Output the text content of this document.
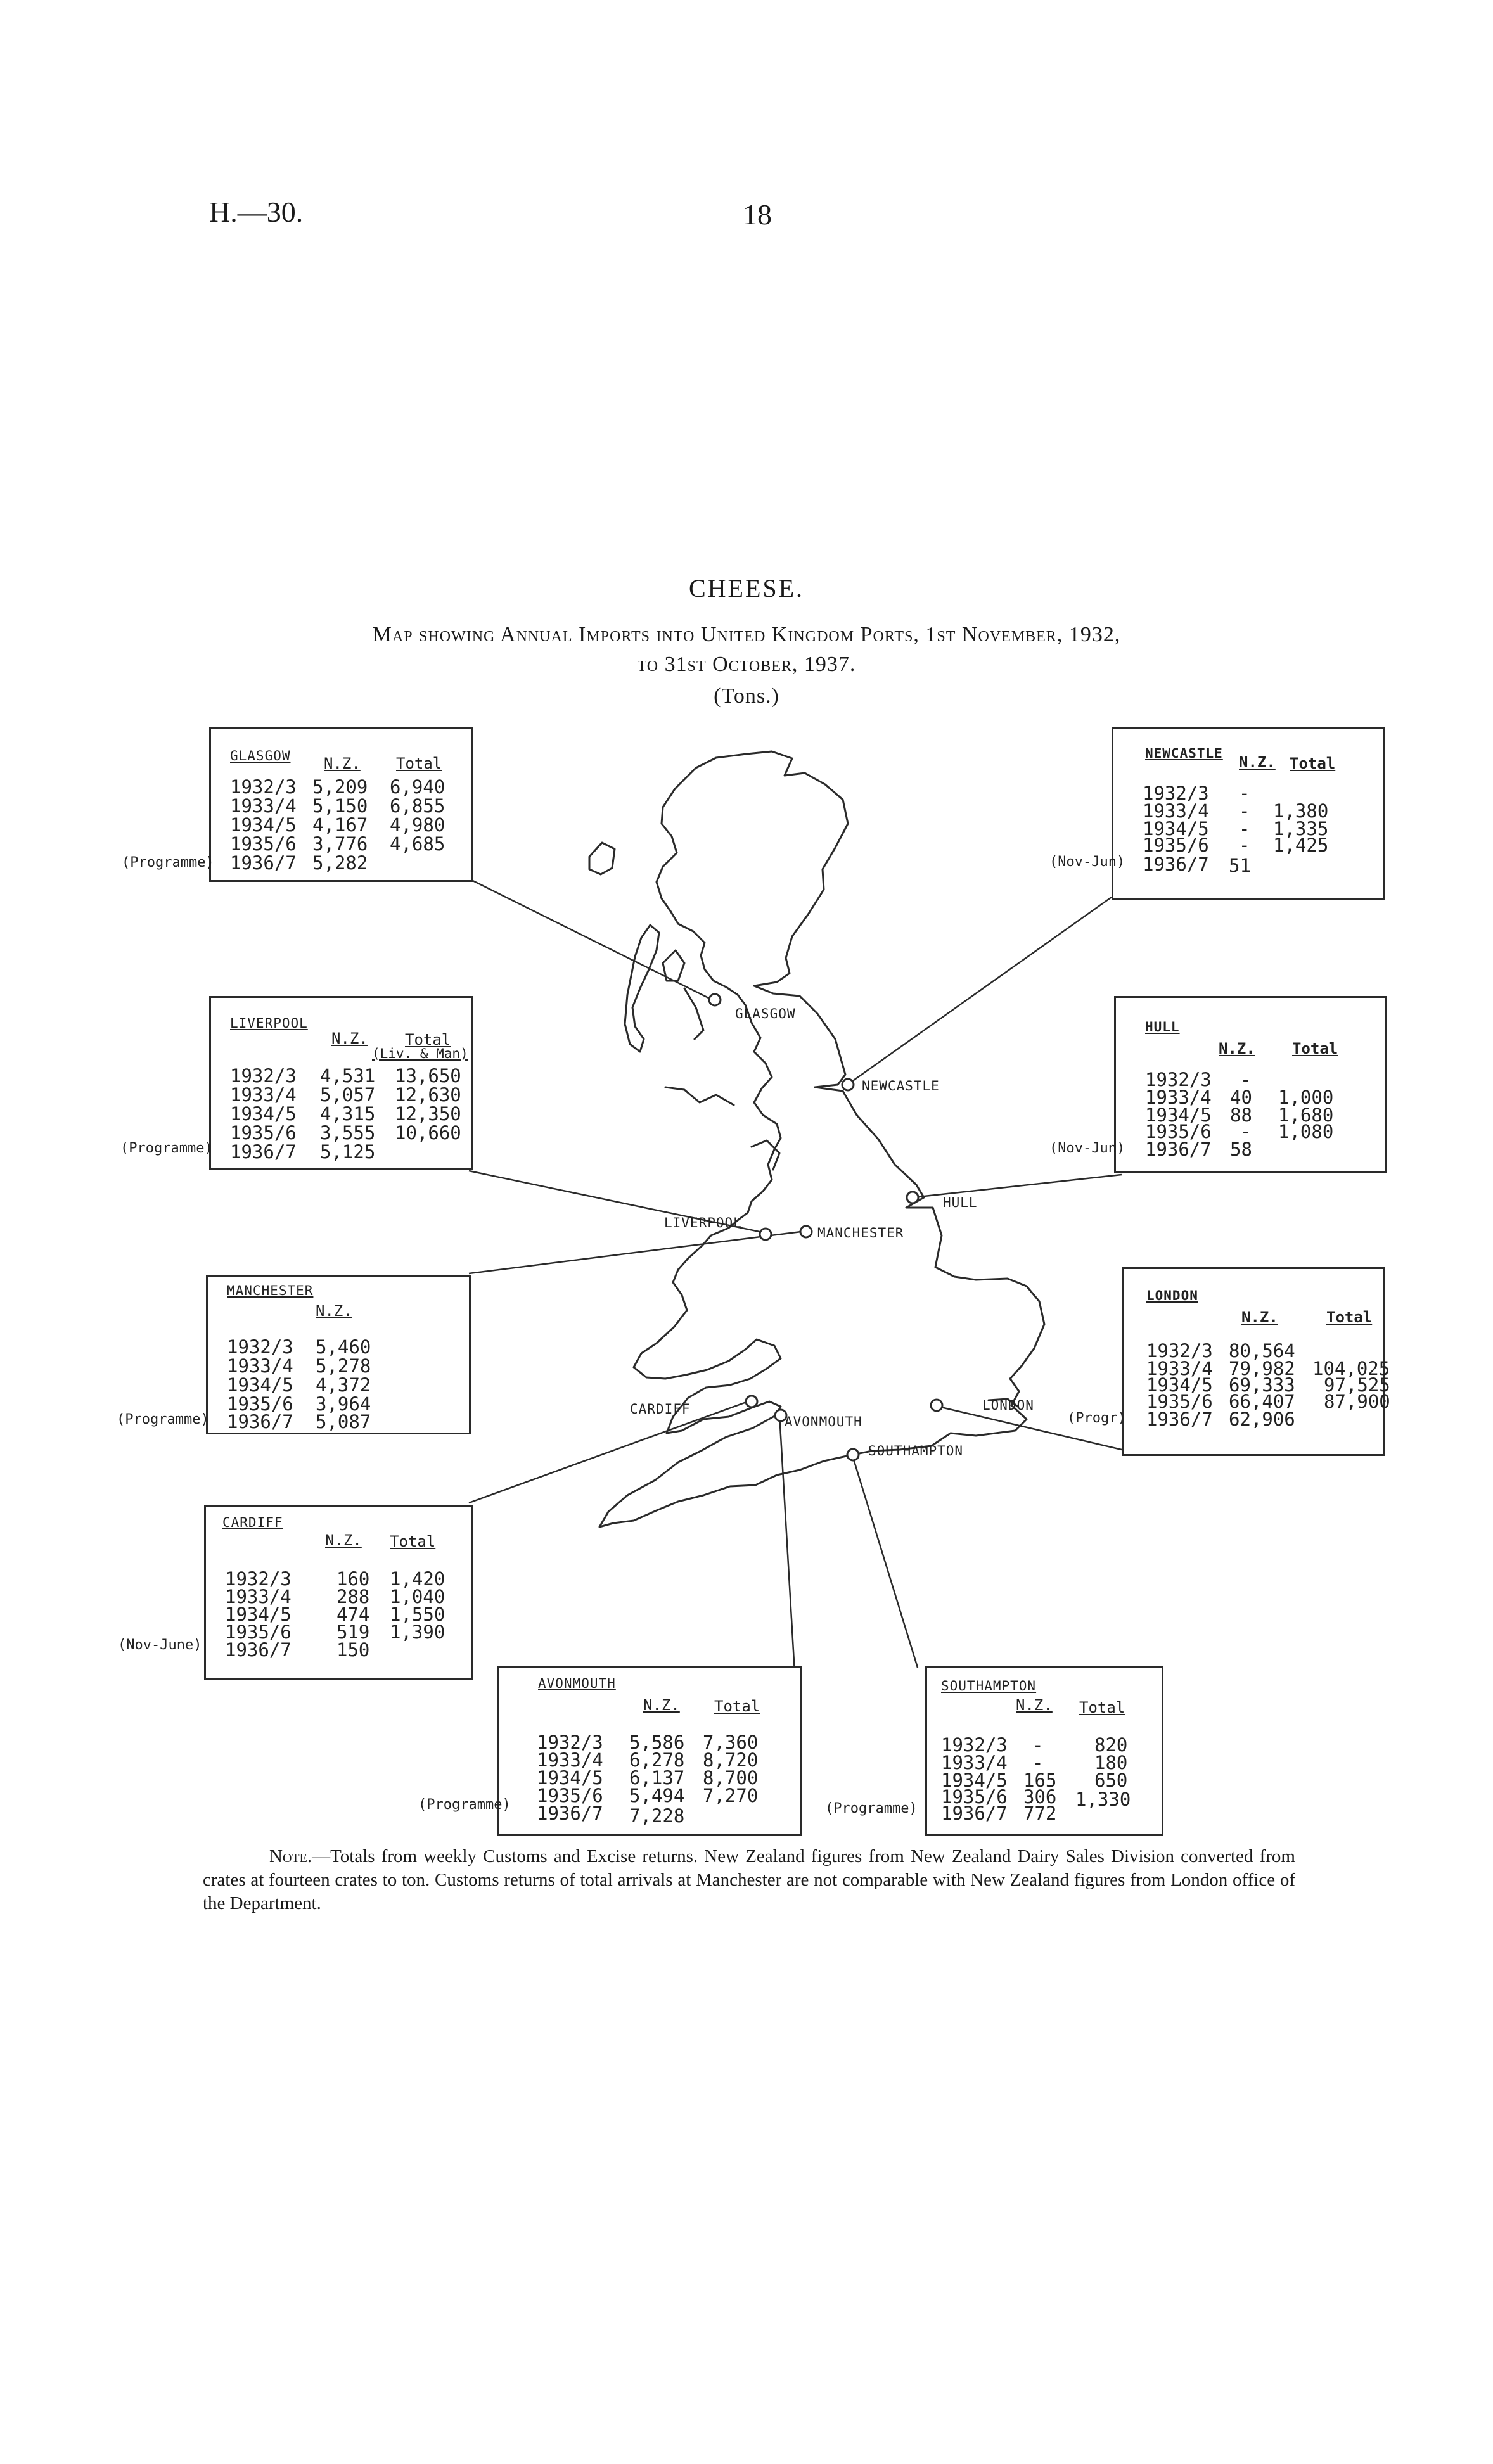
H.—30.	18
CHEESE.
Map showing Annual Imports into United Kingdom Ports, 1st November, 1932,
to 31st October, 1937.
(Tons.)
GLASGOW
NEWCASTLE
HULL
LIVERPOOL
MANCHESTER
LONDON
CARDIFF
AVONMOUTH
SOUTHAMPTON
GLASGOW N.Z. Total
1932/3
1933/4
1934/5
1935/6
1936/7
5,209
5,150
4,167
3,776
5,282
6,940
6,855
4,980
4,685
(Programme)
LIVERPOOL
N.Z. Total
(Liv. & Man)
1932/3
1933/4
1934/5
1935/6
1936/7
4,531
5,057
4,315
3,555
5,125
13,650
12,630
12,350
10,660
(Programme)
MANCHESTER
N.Z.
1932/3
1933/4
1934/5
1935/6
1936/7
5,460
5,278
4,372
3,964
5,087
(Programme)
CARDIFF
N.Z. Total
1932/3
1933/4
1934/5
1935/6
1936/7
160
288
474
519
150
1,420
1,040
1,550
1,390
(Nov-June)
AVONMOUTH
N.Z. Total
1932/3
1933/4
1934/5
1935/6
1936/7
5,586
6,278
6,137
5,494
7,228
7,360
8,720
8,700
7,270
(Programme)
SOUTHAMPTON
N.Z. Total
1932/3
1933/4
1934/5
1935/6
1936/7
-
-
165
306
772
820
180
650
1,330
(Programme)
NEWCASTLE N.Z. Total
1932/3
1933/4
1934/5
1935/6
1936/7
-
-
-
-
51
1,380
1,335
1,425
(Nov-Jun)
HULL
N.Z. Total
1932/3
1933/4
1934/5
1935/6
1936/7
-
40
88
-
58
1,000
1,680
1,080
(Nov-Jun)
LONDON
N.Z.	Total
1932/3
1933/4
1934/5
1935/6
1936/7
80,564
79,982
69,333
66,407
62,906
104,025
97,525
87,900
(Progr)
Note.—Totals from weekly Customs and Excise returns. New Zealand figures from New Zealand Dairy Sales Division converted from crates at fourteen crates to ton. Customs returns of total arrivals at Manchester are not comparable with New Zealand figures from London office of the Department.
